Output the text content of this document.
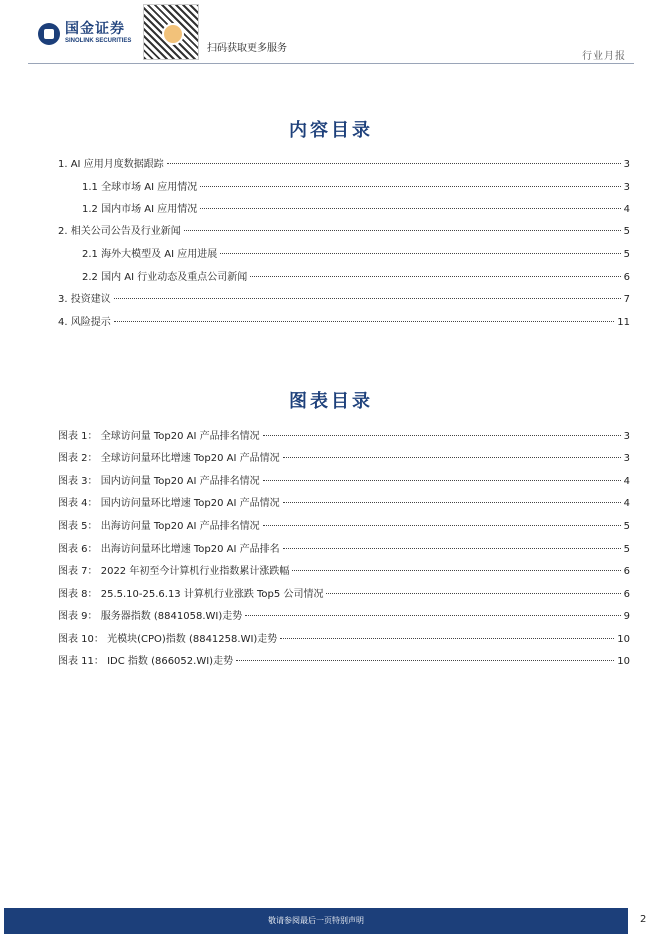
国金证券
SINOLINK SECURITIES
扫码获取更多服务
行业月报
内容目录
1. AI 应用月度数据跟踪	3
1.1 全球市场 AI 应用情况	3
1.2 国内市场 AI 应用情况	4
2. 相关公司公告及行业新闻	5
2.1 海外大模型及 AI 应用进展	5
2.2 国内 AI 行业动态及重点公司新闻	6
3. 投资建议	7
4. 风险提示	11
图表目录
图表 1： 全球访问量 Top20 AI 产品排名情况	3
图表 2： 全球访问量环比增速 Top20 AI 产品情况	3
图表 3： 国内访问量 Top20 AI 产品排名情况	4
图表 4： 国内访问量环比增速 Top20 AI 产品情况	4
图表 5： 出海访问量 Top20 AI 产品排名情况	5
图表 6： 出海访问量环比增速 Top20 AI 产品排名	5
图表 7： 2022 年初至今计算机行业指数累计涨跌幅	6
图表 8： 25.5.10-25.6.13 计算机行业涨跌 Top5 公司情况	6
图表 9： 服务器指数 (8841058.WI)走势	9
图表 10： 光模块(CPO)指数 (8841258.WI)走势	10
图表 11： IDC 指数 (866052.WI)走势	10
敬请参阅最后一页特别声明	2
